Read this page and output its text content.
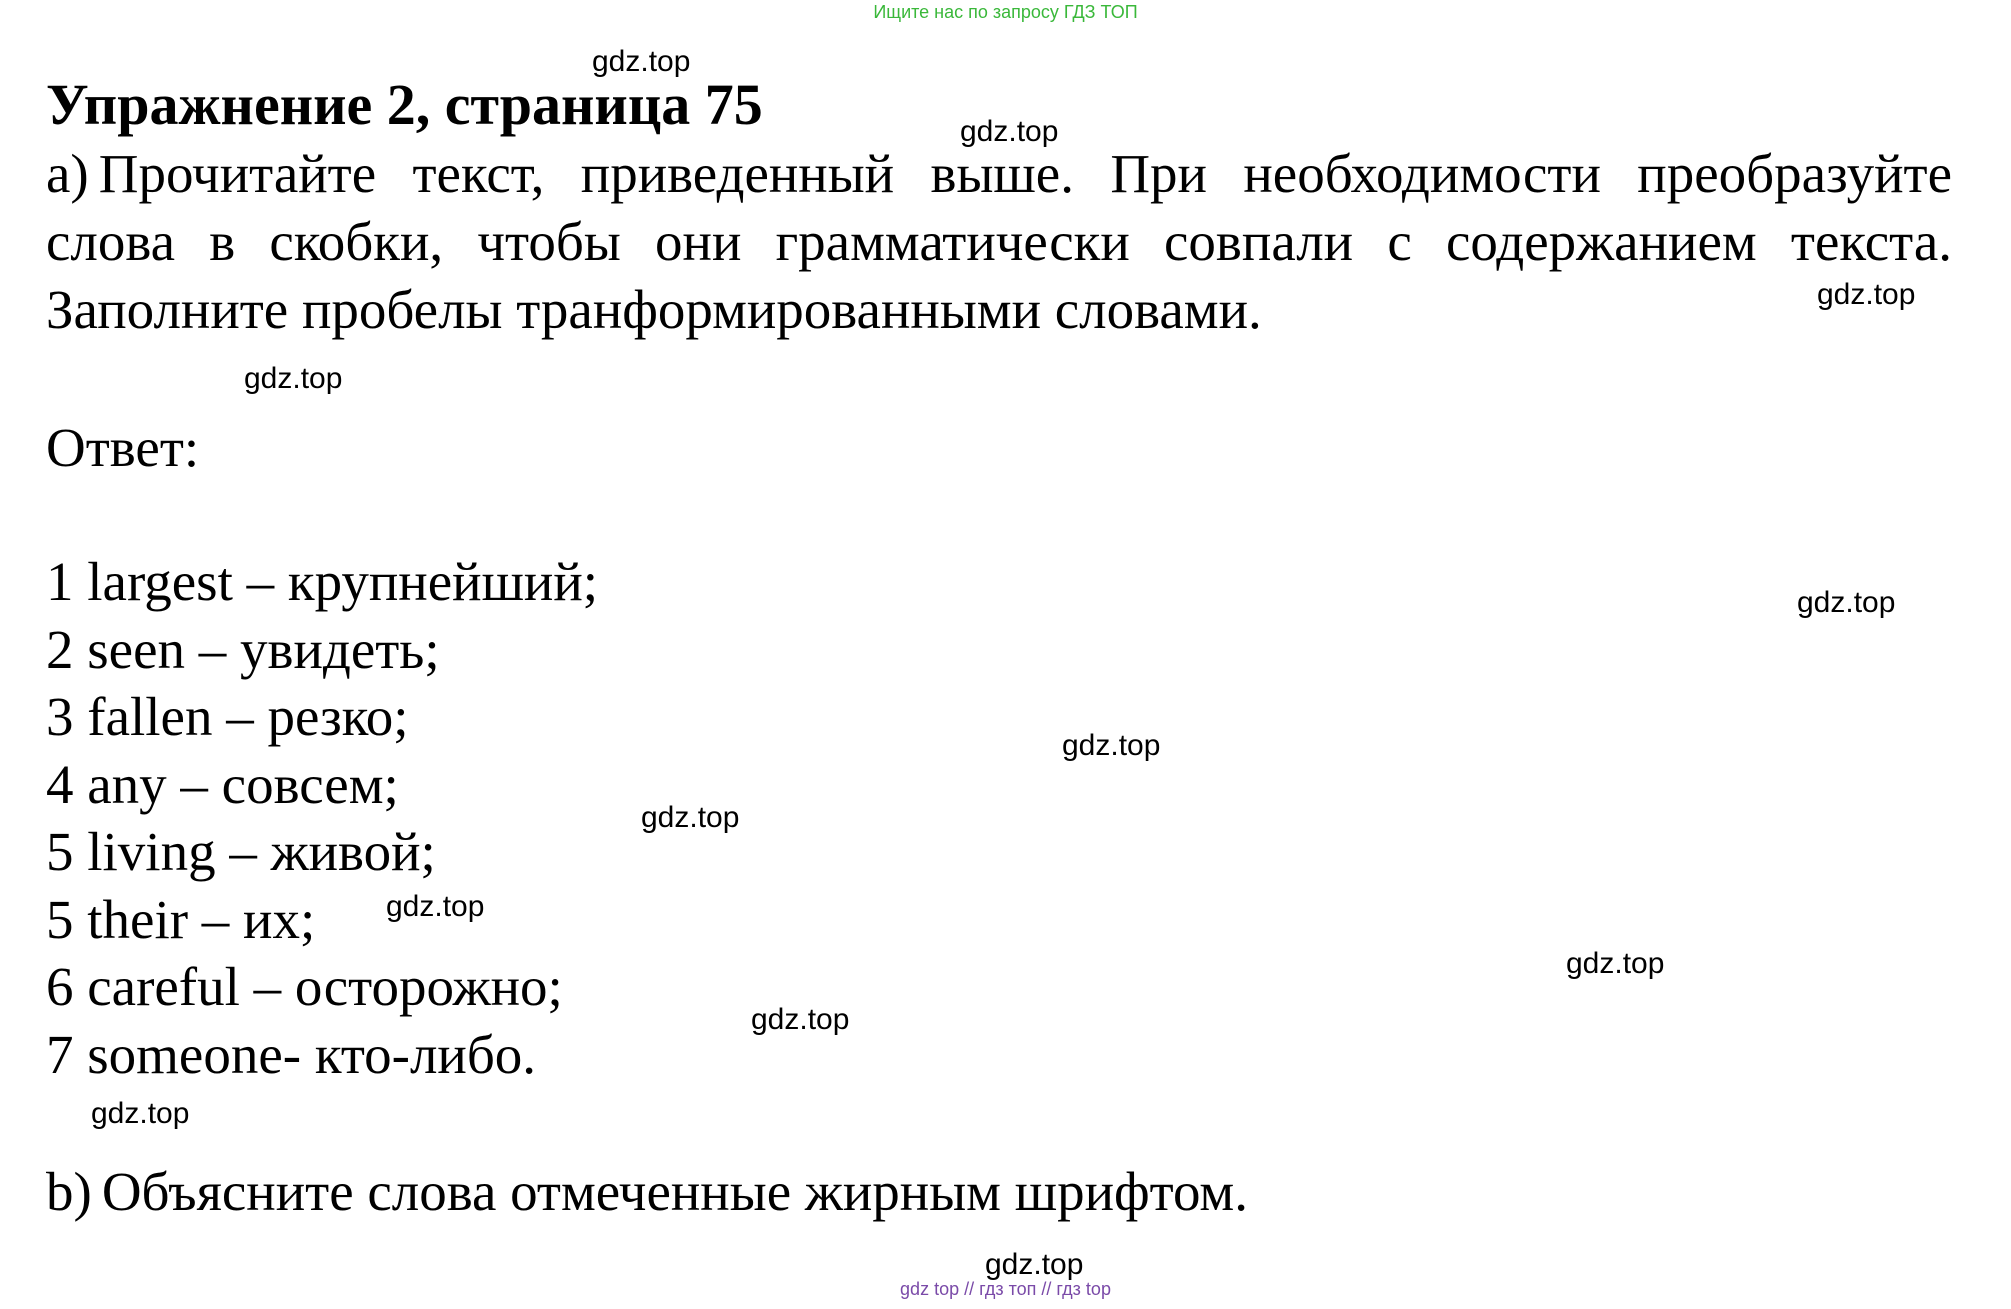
Ищите нас по запросу ГДЗ ТОП
Упражнение 2, страница 75

a) Прочитайте текст, приведенный выше. При необходимости преобразуйте слова в скобки, чтобы они грамматически совпали с содержанием текста. Заполните пробелы транформированными словами.

Ответ:

1 largest – крупнейший;
2 seen – увидеть;
3 fallen – резко;
4 any – совсем;
5 living – живой;
5 their – их;
6 careful – осторожно;
7 someone- кто-либо.

b) Объясните слова отмеченные жирным шрифтом.

gdz.top
gdz.top
gdz.top
gdz.top
gdz.top
gdz.top
gdz.top
gdz.top
gdz.top
gdz.top
gdz.top
gdz.top
gdz top // гдз топ // гдз top
